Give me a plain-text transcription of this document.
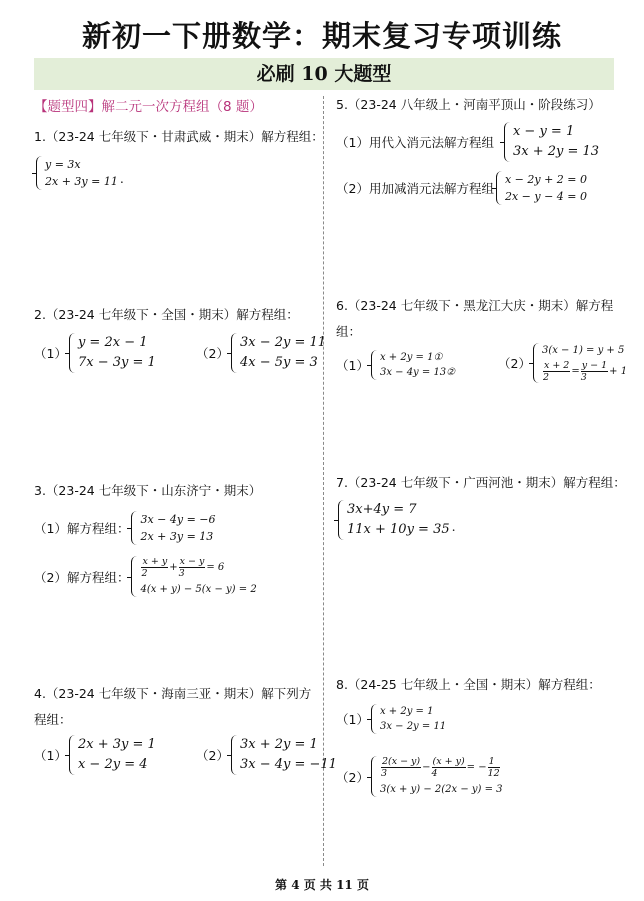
新初一下册数学：期末复习专项训练
必刷 10 大题型
【题型四】解二元一次方程组（8 题）
1.（23-24 七年级下・甘肃武威・期末）解方程组：
y = 3x
2x + 3y = 11 .
2.（23-24 七年级下・全国・期末）解方程组：
（1）
y = 2x − 1
7x − 3y = 1
（2）
3x − 2y = 11
4x − 5y = 3
3.（23-24 七年级下・山东济宁・期末）
（1）解方程组：
3x − 4y = −6
2x + 3y = 13
（2）解方程组： $\frac{x + y}{2} + \frac{x - y}{3} = 6$
4(x + y) − 5(x − y) = 2
4.（23-24 七年级下・海南三亚・期末）解下列方
程组：
（1）
2x + 3y = 1
x − 2y = 4
（2）
3x + 2y = 1
3x − 4y = −11
5.（23-24 八年级上・河南平顶山・阶段练习）
（1）用代入消元法解方程组
x − y = 1
3x + 2y = 13
（2）用加减消元法解方程组
x − 2y + 2 = 0
2x − y − 4 = 0
6.（23-24 七年级下・黑龙江大庆・期末）解方程
组：
（1）
x + 2y = 1①
3x − 4y = 13②
（2）
3(x − 1) = y + 5
$\frac{x + 2}{2} = \frac{y - 1}{3} + 1$
7.（23-24 七年级下・广西河池・期末）解方程组：
3x+4y = 7
11x + 10y = 35 .
8.（24-25 七年级上・全国・期末）解方程组：
（1）
x + 2y = 1
3x − 2y = 11
$(2) \frac{2(x - y)}{3} - \frac{(x + y)}{4}$ = − $\frac{1}{12}$
3(x + y) − 2(2x − y) = 3
第 4 页 共 11 页
